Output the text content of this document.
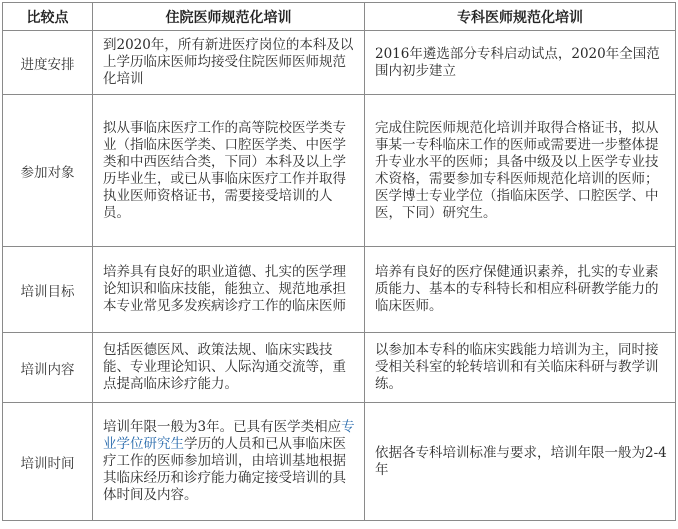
比较点	住院医师规范化培训	专科医师规范化培训
进度安排	到2020年，所有新进医疗岗位的本科及以上学历临床医师均接受住院医师医师规范化培训	2016年遴选部分专科启动试点，2020年全国范围内初步建立
参加对象	拟从事临床医疗工作的高等院校医学类专业（指临床医学类、口腔医学类、中医学类和中西医结合类，下同）本科及以上学历毕业生，或已从事临床医疗工作并取得执业医师资格证书，需要接受培训的人员。	完成住院医师规范化培训并取得合格证书，拟从事某一专科临床工作的医师或需要进一步整体提升专业水平的医师；具备中级及以上医学专业技术资格，需要参加专科医师规范化培训的医师；医学博士专业学位（指临床医学、口腔医学、中医，下同）研究生。
培训目标	培养具有良好的职业道德、扎实的医学理论知识和临床技能，能独立、规范地承担本专业常见多发疾病诊疗工作的临床医师	培养有良好的医疗保健通识素养，扎实的专业素质能力、基本的专科特长和相应科研教学能力的临床医师。
培训内容	包括医德医风、政策法规、临床实践技能、专业理论知识、人际沟通交流等，重点提高临床诊疗能力。	以参加本专科的临床实践能力培训为主，同时接受相关科室的轮转培训和有关临床科研与教学训练。
培训时间	培训年限一般为3年。已具有医学类相应专业学位研究生学历的人员和已从事临床医疗工作的医师参加培训，由培训基地根据其临床经历和诊疗能力确定接受培训的具体时间及内容。	依据各专科培训标准与要求，培训年限一般为2-4年
